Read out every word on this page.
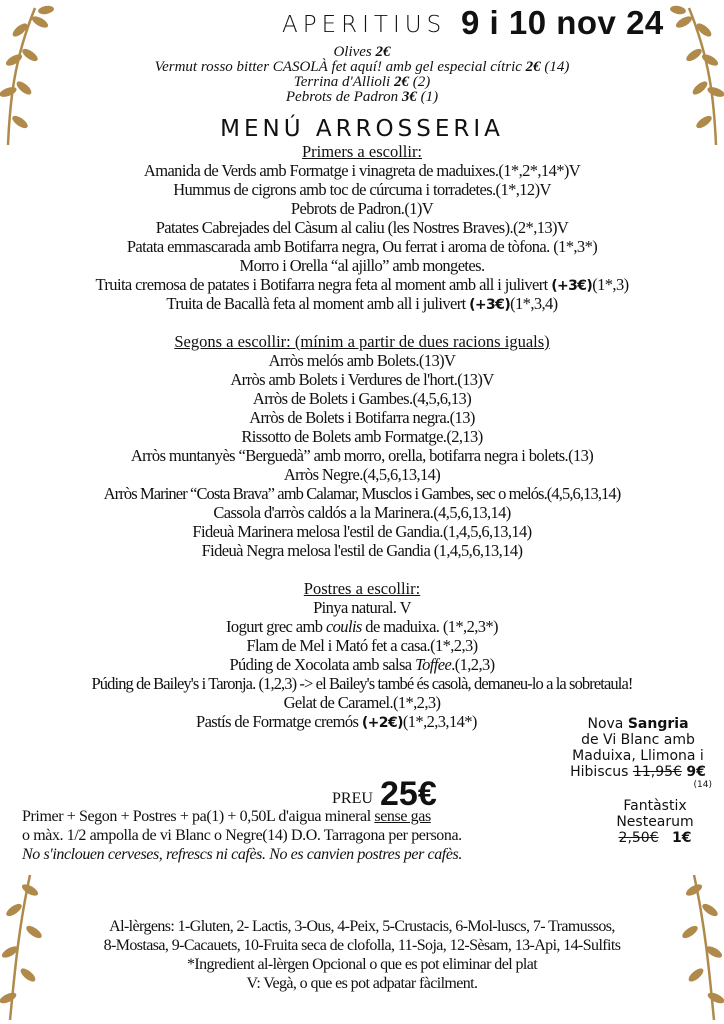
APERITIUS 9 i 10 nov 24
Olives 2€
Vermut rosso bitter CASOLÀ fet aquí! amb gel especial cítric 2€ (14)
Terrina d'Allioli 2€ (2)
Pebrots de Padron 3€ (1)
MENÚ ARROSSERIA
Primers a escollir:
Amanida de Verds amb Formatge i vinagreta de maduixes.(1*,2*,14*)V
Hummus de cigrons amb toc de cúrcuma i torradetes.(1*,12)V
Pebrots de Padron.(1)V
Patates Cabrejades del Càsum al caliu (les Nostres Braves).(2*,13)V
Patata emmascarada amb Botifarra negra, Ou ferrat i aroma de tòfona. (1*,3*)
Morro i Orella “al ajillo” amb mongetes.
Truita cremosa de patates i Botifarra negra feta al moment amb all i julivert (+3€)(1*,3)
Truita de Bacallà feta al moment amb all i julivert (+3€)(1*,3,4)
Segons a escollir: (mínim a partir de dues racions iguals)
Arròs melós amb Bolets.(13)V
Arròs amb Bolets i Verdures de l'hort.(13)V
Arròs de Bolets i Gambes.(4,5,6,13)
Arròs de Bolets i Botifarra negra.(13)
Rissotto de Bolets amb Formatge.(2,13)
Arròs muntanyès “Berguedà” amb morro, orella, botifarra negra i bolets.(13)
Arròs Negre.(4,5,6,13,14)
Arròs Mariner “Costa Brava” amb Calamar, Musclos i Gambes, sec o melós.(4,5,6,13,14)
Cassola d'arròs caldós a la Marinera.(4,5,6,13,14)
Fideuà Marinera melosa l'estil de Gandia.(1,4,5,6,13,14)
Fideuà Negra melosa l'estil de Gandia (1,4,5,6,13,14)
Postres a escollir:
Pinya natural. V
Iogurt grec amb coulis de maduixa. (1*,2,3*)
Flam de Mel i Mató fet a casa.(1*,2,3)
Púding de Xocolata amb salsa Toffee.(1,2,3)
Púding de Bailey's i Taronja. (1,2,3) -> el Bailey's també és casolà, demaneu-lo a la sobretaula!
Gelat de Caramel.(1*,2,3)
Pastís de Formatge cremós (+2€)(1*,2,3,14*)	Nova Sangria
de Vi Blanc amb
Maduixa, Llimona i
Hibiscus 11,95€ 9€
(14)
Fantàstix
Nestearum
2,50€ 1€
PREU 25€
Primer + Segon + Postres + pa(1) + 0,50L d'aigua mineral sense gas
o màx. 1/2 ampolla de vi Blanc o Negre(14) D.O. Tarragona per persona.
No s'inclouen cerveses, refrescs ni cafès. No es canvien postres per cafès.
Al-lèrgens: 1-Gluten, 2- Lactis, 3-Ous, 4-Peix, 5-Crustacis, 6-Mol-luscs, 7- Tramussos,
8-Mostasa, 9-Cacauets, 10-Fruita seca de clofolla, 11-Soja, 12-Sèsam, 13-Api, 14-Sulfits
*Ingredient al-lèrgen Opcional o que es pot eliminar del plat
V: Vegà, o que es pot adpatar fàcilment.
